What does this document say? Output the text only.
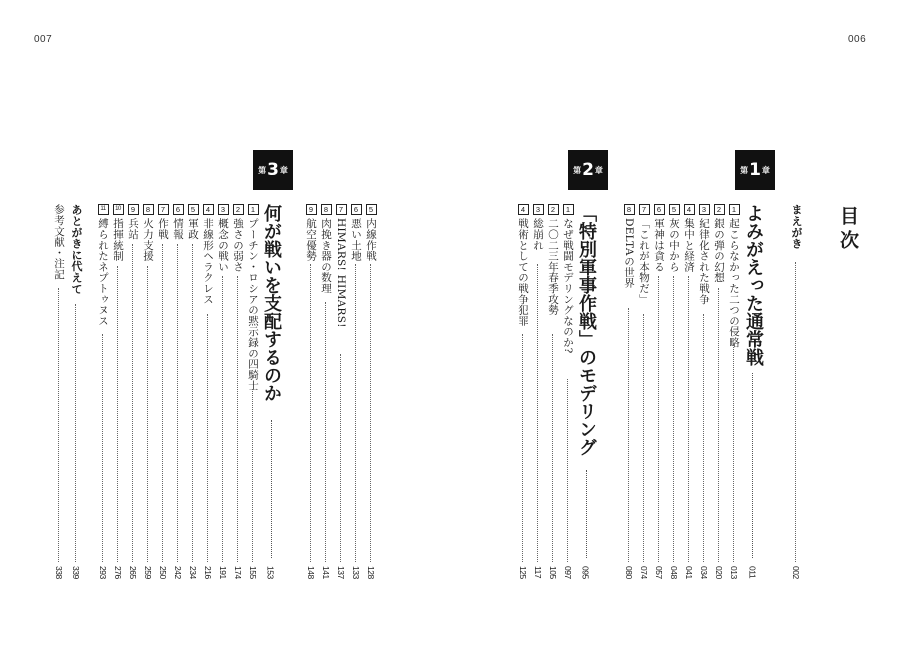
007	006
目次
まえがき
002
第 1 章
よみがえった通常戦
011
1
起こらなかった二つの侵略
013
2
銀の弾の幻想
020
3
紀律化された戦争
034
4
集中と経済
041
5
灰の中から
048
6
軍神は貪る
057
7
「これが本物だ」
074
8
DELTAの世界
080
第 2 章
「特別軍事作戦」のモデリング
095
1
なぜ戦闘モデリングなのか?
097
2
二〇二三年春季攻勢
105
3
総崩れ
117
4
戦術としての戦争犯罪
125
5
内線作戦
128
6
悪い土地
133
7
HIMARS! HIMARS!
137
8
肉挽き器の数理
141
9
航空優勢
148
第 3 章
何が戦いを支配するのか
153
1
プーチン・ロシアの黙示録の四騎士
155
2
強さの弱さ
174
3
概念の戦い
191
4
非線形ヘラクレス
216
5
軍政
234
6
情報
242
7
作戦
250
8
火力支援
259
9
兵站
265
10
指揮統制
276
11
縛られたネプトゥヌス
293
あとがきに代えて
339
参考文献・注記
338
